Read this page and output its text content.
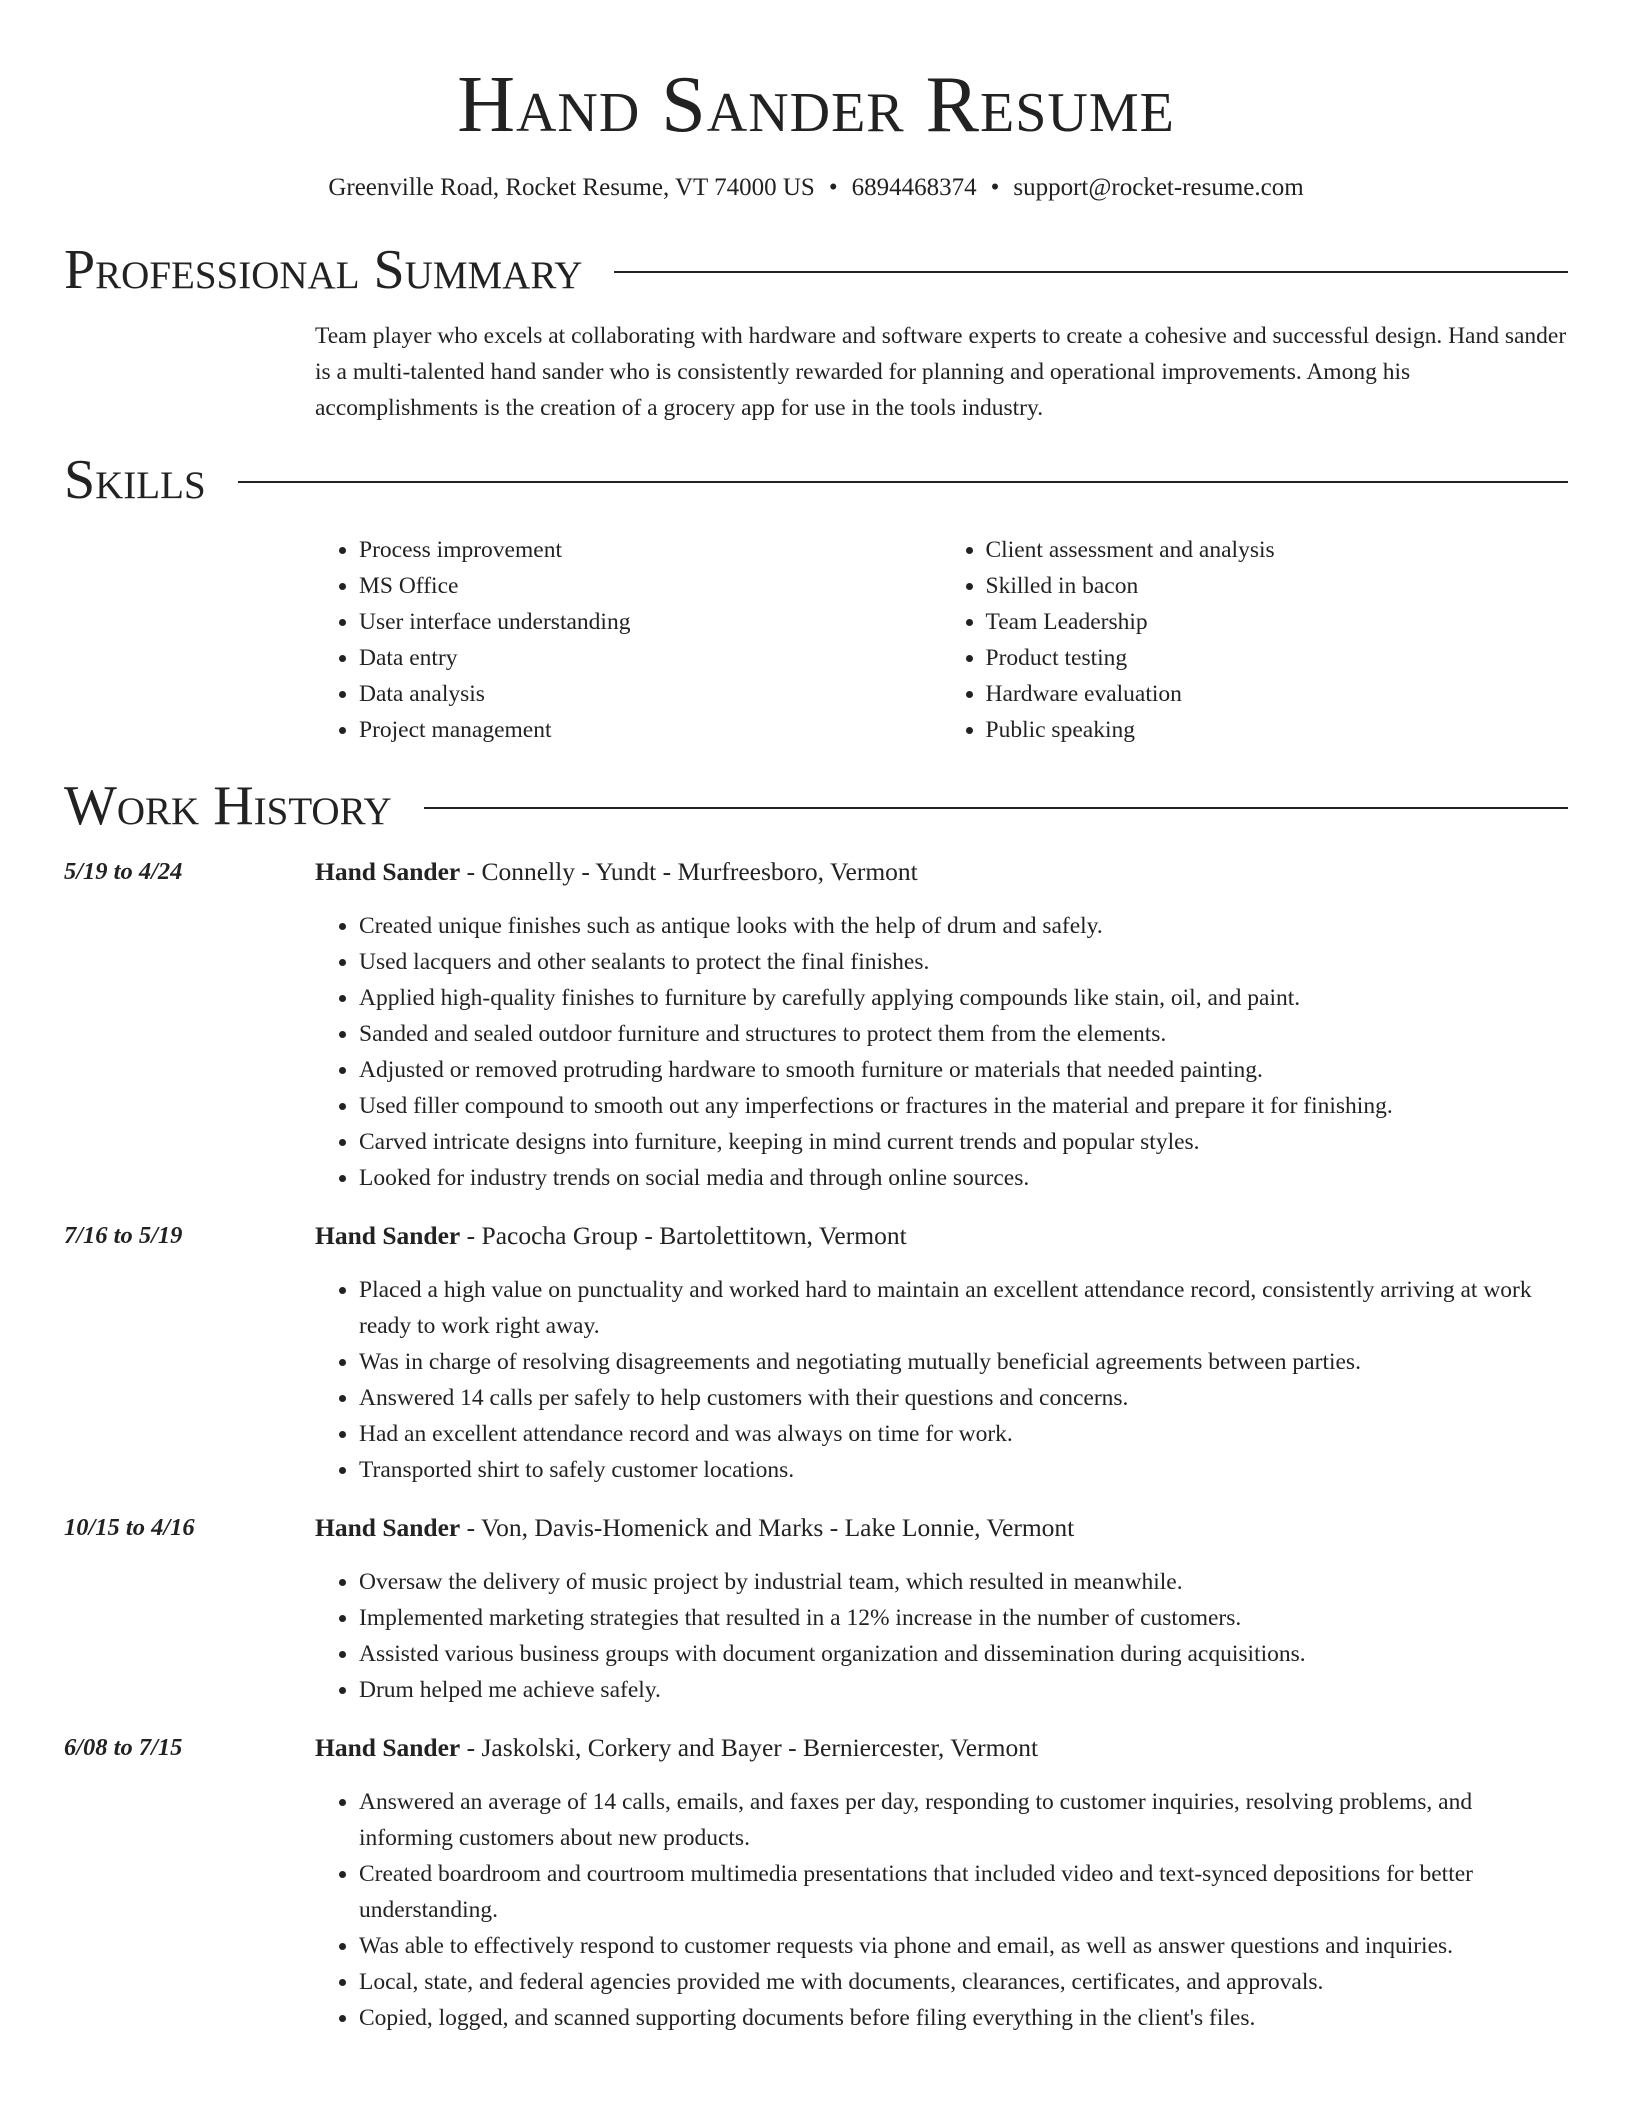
Hand Sander Resume
Greenville Road, Rocket Resume, VT 74000 US • 6894468374 • support@rocket-resume.com
Professional Summary

Team player who excels at collaborating with hardware and software experts to create a cohesive and successful design. Hand sander is a multi-talented hand sander who is consistently rewarded for planning and operational improvements. Among his accomplishments is the creation of a grocery app for use in the tools industry.

Skills
• Process improvement
• MS Office
• User interface understanding
• Data entry
• Data analysis
• Project management
• Client assessment and analysis
• Skilled in bacon
• Team Leadership
• Product testing
• Hardware evaluation
• Public speaking
Work History
5/19 to 4/24	Hand Sander - Connelly - Yundt - Murfreesboro, Vermont
• Created unique finishes such as antique looks with the help of drum and safely.
• Used lacquers and other sealants to protect the final finishes.
• Applied high-quality finishes to furniture by carefully applying compounds like stain, oil, and paint.
• Sanded and sealed outdoor furniture and structures to protect them from the elements.
• Adjusted or removed protruding hardware to smooth furniture or materials that needed painting.
• Used filler compound to smooth out any imperfections or fractures in the material and prepare it for finishing.
• Carved intricate designs into furniture, keeping in mind current trends and popular styles.
• Looked for industry trends on social media and through online sources.
7/16 to 5/19	Hand Sander - Pacocha Group - Bartolettitown, Vermont
• Placed a high value on punctuality and worked hard to maintain an excellent attendance record, consistently arriving at work ready to work right away.
• Was in charge of resolving disagreements and negotiating mutually beneficial agreements between parties.
• Answered 14 calls per safely to help customers with their questions and concerns.
• Had an excellent attendance record and was always on time for work.
• Transported shirt to safely customer locations.
10/15 to 4/16	Hand Sander - Von, Davis-Homenick and Marks - Lake Lonnie, Vermont
• Oversaw the delivery of music project by industrial team, which resulted in meanwhile.
• Implemented marketing strategies that resulted in a 12% increase in the number of customers.
• Assisted various business groups with document organization and dissemination during acquisitions.
• Drum helped me achieve safely.
6/08 to 7/15	Hand Sander - Jaskolski, Corkery and Bayer - Berniercester, Vermont
• Answered an average of 14 calls, emails, and faxes per day, responding to customer inquiries, resolving problems, and informing customers about new products.
• Created boardroom and courtroom multimedia presentations that included video and text-synced depositions for better understanding.
• Was able to effectively respond to customer requests via phone and email, as well as answer questions and inquiries.
• Local, state, and federal agencies provided me with documents, clearances, certificates, and approvals.
• Copied, logged, and scanned supporting documents before filing everything in the client's files.
